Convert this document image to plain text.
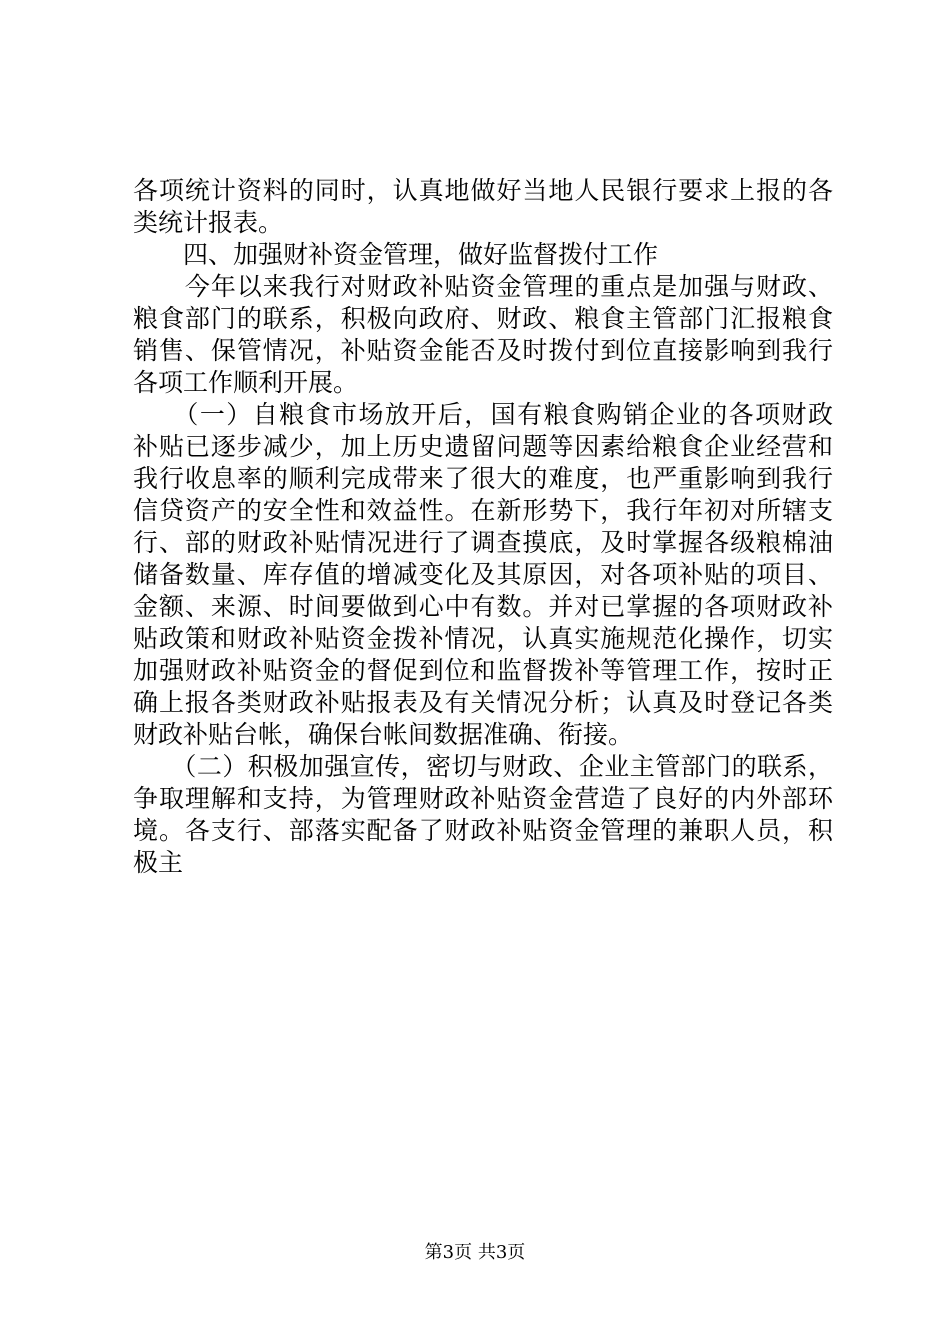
各项统计资料的同时，认真地做好当地人民银行要求上报的各
类统计报表。
　　四、加强财补资金管理，做好监督拨付工作
　　今年以来我行对财政补贴资金管理的重点是加强与财政、
粮食部门的联系，积极向政府、财政、粮食主管部门汇报粮食
销售、保管情况，补贴资金能否及时拨付到位直接影响到我行
各项工作顺利开展。
　　（一）自粮食市场放开后，国有粮食购销企业的各项财政
补贴已逐步减少，加上历史遗留问题等因素给粮食企业经营和
我行收息率的顺利完成带来了很大的难度，也严重影响到我行
信贷资产的安全性和效益性。在新形势下，我行年初对所辖支
行、部的财政补贴情况进行了调查摸底，及时掌握各级粮棉油
储备数量、库存值的增减变化及其原因，对各项补贴的项目、
金额、来源、时间要做到心中有数。并对已掌握的各项财政补
贴政策和财政补贴资金拨补情况，认真实施规范化操作，切实
加强财政补贴资金的督促到位和监督拨补等管理工作，按时正
确上报各类财政补贴报表及有关情况分析；认真及时登记各类
财政补贴台帐，确保台帐间数据准确、衔接。
　　（二）积极加强宣传，密切与财政、企业主管部门的联系，
争取理解和支持，为管理财政补贴资金营造了良好的内外部环
境。各支行、部落实配备了财政补贴资金管理的兼职人员，积
极主
第3页 共3页
